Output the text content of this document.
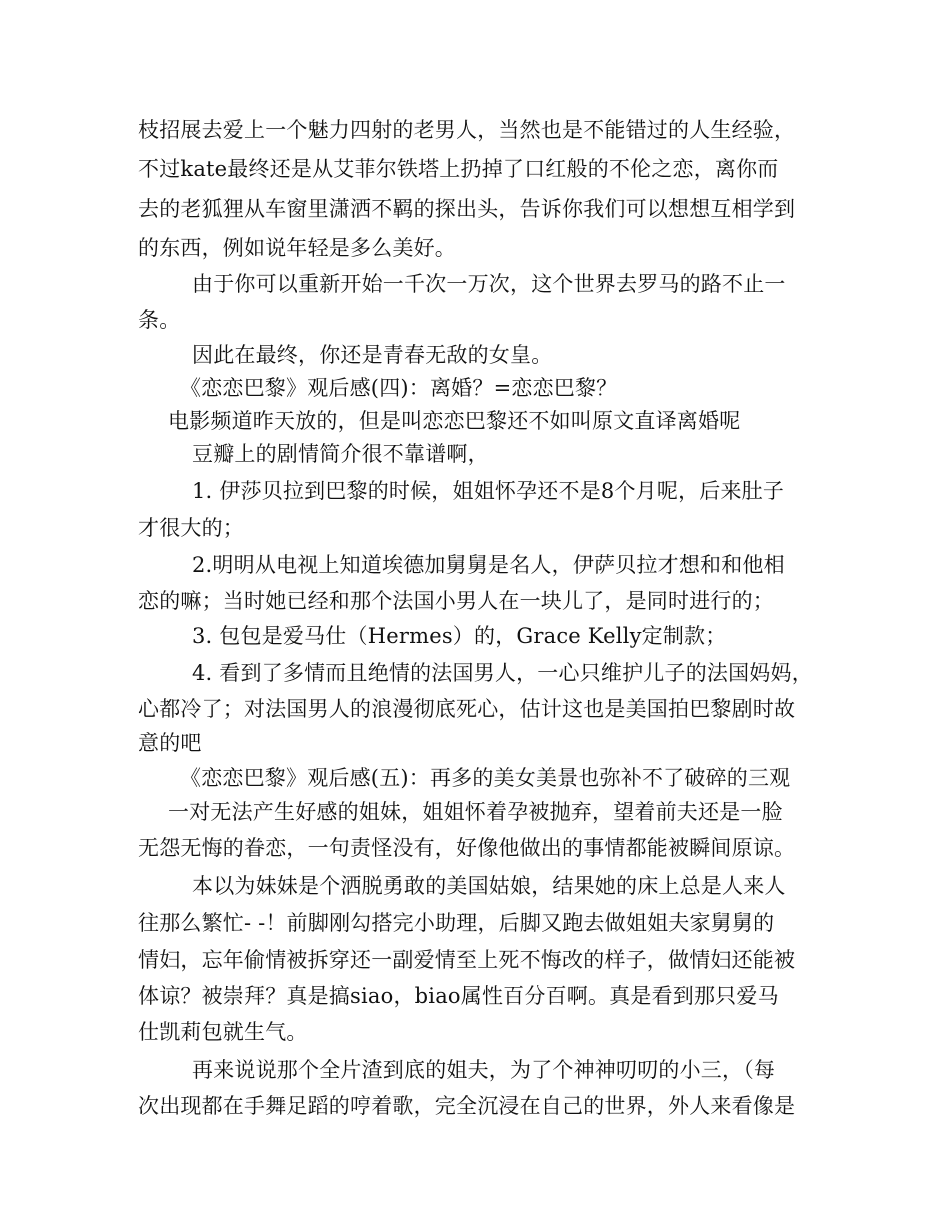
枝招展去爱上一个魅力四射的老男人，当然也是不能错过的人生经验，
不过kate最终还是从艾菲尔铁塔上扔掉了口红般的不伦之恋，离你而
去的老狐狸从车窗里潇洒不羁的探出头，告诉你我们可以想想互相学到
的东西，例如说年轻是多么美好。
由于你可以重新开始一千次一万次，这个世界去罗马的路不止一
条。
因此在最终，你还是青春无敌的女皇。
《恋恋巴黎》观后感(四)：离婚？=恋恋巴黎？
电影频道昨天放的，但是叫恋恋巴黎还不如叫原文直译离婚呢
豆瓣上的剧情简介很不靠谱啊，
1. 伊莎贝拉到巴黎的时候，姐姐怀孕还不是8个月呢，后来肚子
才很大的；
2.明明从电视上知道埃德加舅舅是名人，伊萨贝拉才想和和他相
恋的嘛；当时她已经和那个法国小男人在一块儿了，是同时进行的；
3. 包包是爱马仕（Hermes）的，Grace Kelly定制款；
4. 看到了多情而且绝情的法国男人，一心只维护儿子的法国妈妈，
心都冷了；对法国男人的浪漫彻底死心，估计这也是美国拍巴黎剧时故
意的吧
《恋恋巴黎》观后感(五)：再多的美女美景也弥补不了破碎的三观
一对无法产生好感的姐妹，姐姐怀着孕被抛弃，望着前夫还是一脸
无怨无悔的眷恋，一句责怪没有，好像他做出的事情都能被瞬间原谅。
本以为妹妹是个洒脱勇敢的美国姑娘，结果她的床上总是人来人
往那么繁忙- -！前脚刚勾搭完小助理，后脚又跑去做姐姐夫家舅舅的
情妇，忘年偷情被拆穿还一副爱情至上死不悔改的样子，做情妇还能被
体谅？被崇拜？真是搞siao，biao属性百分百啊。真是看到那只爱马
仕凯莉包就生气。
再来说说那个全片渣到底的姐夫，为了个神神叨叨的小三，（每
次出现都在手舞足蹈的哼着歌，完全沉浸在自己的世界，外人来看像是
